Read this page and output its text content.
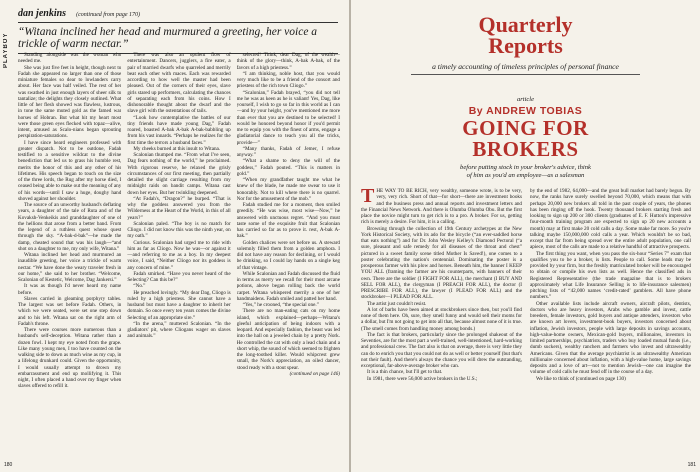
PLAYBOY
dan jenkins (continued from page 170)
“Witana inclined her head and murmured a greeting, her voice a trickle of warm nectar.”

Standing alongside was the woman who needed me.

She was just five feet in height, though next to Fadah she appeared no larger than one of those miniature females so dear to lowlanders carry about. Her face was half veiled. The rest of her was swathed in just enough layers of sheer silk to tantalize; the delights they closely outlined. What little of her flesh showed was flawless, lustrous, in tone the same muted gold as the famed war horses of Hobran. But what hit my heart most were those green eyes flecked with topaz—alive, intent, amused as Scalo-nians began sprouting perspiration-saturations.

I have since heard engineers professed with greater dispatch. Not to be outdone, Fadah testified to a sensitive wildcat to the divine benediction that led us to grass his humble rest, merits the honor of this and any other of his lifetimes. His speech began to touch on the size of the three lords, the Rug after my horse died, I ceased being able to make out the meaning of any of his words—until I saw a huge, doughy hand shoved against her shoulder.

The source of an unworthy husband's deflating years, a daughter of the tale of Ruta and of the Kovaksh-Venkeikis and granddaughter of one of the hellions that arose from a better band. From the legend of a ruthless quest whose quest through the sky. “A-bak-d-bak”—he made the damp, cheated sound that was his laugh—“and shot on a daughter to me, my only wife, Witana.”

Witana inclined her head and murmured an inaudible greeting, her voice a trickle of warm nectar. “We have done the weary traveler fresh in our home,” she said to her brother. “Welcome, Scalonian of Kestetic, Welcome, Dag Jankersi.”

It was as though I'd never heard my name before.

Slaves carried in gleaming porphyry tables. The largest was set before Fadah. Others, in which we were seated, were set one step down and to his left. Witana sat on the right arm of Fadah's throne.

There were courses more numerous than a husband's self-deception. Witana rather than a dozen fowl. I kept my eye noted from the grape. Like many young men, I too have counted on the walking side to down as much wine as my cup, in a lifelong drunkard could. Given the opportunity, I would usually attempt to drown my embarrassment and end up mollifying it. This night, I often placed a hand over my finger when slaves offered to refill it.

There was also an opulent flow of entertainment. Dancers, jugglers, a fire eater, a pair of married dwarfs who quarreled and merrily beat each other with maces. Each was rewarded according to how well the master had been pleased. Out of the corners of their eyes, slave girls stared up performers, calculating the chances of separating each from his coins. How I dishonorable thought about the dwarf and the slave girl with the ostentatious of tails.

“Look how contemplative the battles of our tiny friends have made young Dag,” Fadah roared, boasted A-bak A-bak A-bak-babbling up from his vast innards. “Perhaps he realizes for the first time the terrors a husband faces.”

My cheeks burned at this insult to Witana.

Scalonian thumped me. “From what I've seen, Dag fears nothing of the world,” he proclaimed. With rigorous reserve, he relaxed the grisly circumstances of our first meeting, then partially detailed the slight carriage resulting from my midnight raids on bandit camps. Witana cast down her eyes. But her twinkling deepened.

“At Fadah's, “Dragon?” he burped. “That is why the goddess answered you from the Wilderness at the Heart of the World, in this of all years?”

Scalonian paled. “The boy is no match for Cliogo. I did not know this was the ninth year, on my oath.”

Curious. Scalonian had urged me to ride with him as far as Cliogo. Now he was—or against it—and referring to me as a boy. In my deepest voice, I said, “Neither Cliogo nor its goddess is any concern of mine.”

Fadah smirked. “Have you never heard of the Selecting? Can this be?”

“No.”

He preached lovingly. “My dear Dag, Cliogo is ruled by a high priestess. She cannot have a husband but must have a daughter to inherit her domain. So once every ten years comes the divine Selecting of an appropriate sire.”

“In the arena,” muttered Scalonian. “In the gladiators' pit, where Cliogans wager on slaves and animals.”

selected! Think, dear Dag, of the wealth—think of the glory—think, A-bak A-bak, of the favors of a high priestess.”

“I am thinking, noble host, that you would very much like to be a friend of the consort and priestess of the rich town Cliogo.”

“Scalonian,” Fadah brayed, “you did not tell me he was as keen as he is valiant! Yes, Dag, like yourself, I wish to go so far in this world as I can—and by your height, you've mentioned me more than ever that you are destined to be selected! I would be honored beyond honor if you'd permit me to equip you with the finest of arms, engage a gladiatorial dance to teach you all the tricks, provide—”

“Many thanks, Fadah of Jemer, I refuse anyway.”

“What a shame to deny the will of the goddess,” Fadah pouted. “This is matters in gold.”

“When my grandfather taught me what he knew of the blade, he made me swear to use it honorably. Not to kill where there is no quarrel. Nor for the amusement of the mob.”

Fadah studied me for a moment, then smiled greedily. “He was wise, most wise—Now,” he answered with unctuous regret. “And you must taste some of the exquisite fruit that Scalonian has carried so far as to prove it. rest, A-bak A-bak.”

Golden chalices were set before us. A steward solemnly filled them from a golden amphora. I did not have any reason for declining, or I would be drinking, so I could lay hands on a single keg of that vintage.

While Scalonian and Fadah discussed the fluid in terms as merry we recall for their most arcane potions, above began rolling back the world carpet. Witana whispered merrily a one of her handmaidens. Fadah smiled and patted her hand.

“Yes,” he crooned, “the special one.”

There are no man-eating cats on my home island, which explained—perhaps—Witana's gleeful anticipation of being indoors with a leopard. And especially fashion, the beast was led into the hall on a jeweled chain by a pretty Nork. He controlled the cat with only a lead chain and a short whip, the sound of which seemed to frighten the long-toothed killer. Would whipcrest grew small, the Nork's appreciation, an oiled dancer, stood ready with a stout spear.

(continued on page 146)

180
Quarterly
Reports
a timely accounting of timeless principles of personal finance
article
By ANDREW TOBIAS
GOING FOR
BROKERS
before putting stock in your broker's advice, think
of him as you'd an employee—as a salesman

THE WAY TO BE RICH, very wealthy, someone wrote, is to be very, very, very rich. Short of that—for short—there are investment books and the business press and annual reports and investment letters and the Financial News Network. And there is Olumba Olumba Obu. But the first place the novice might turn to get rich is to a pro. A broker. For us, getting rich is merely a desire. For him, it is a calling.

Browsing through the collection of 19th Century archetypes at the New York Historical Society, with its ado for the bicycle (“an ever-saddled horse that eats nothing”) and for Dr. John Wesley Kelley's Diamond Pectoral (“a sure, pleasant and safe remedy for all diseases of the throat and chest” pictured in a sweet family scene titled Mother Is Saved!), one comes to a poster celebrating the nation's centennial. Dominating the poster is a prosperous farmer with his plow and horses. Beneath him, the banner I KEEP YOU ALL (framing the farmer are his counterparts, with banners of their own. There are the soldier (I FIGHT FOR ALL), the merchant (I BUY AND SELL FOR ALL), the clergyman (I PREACH FOR ALL), the doctor (I PRESCRIBE FOR ALL), the lawyer (I PLEAD FOR ALL) and the stockbroker—I PLEAD FOR ALL.

The artist just couldn't resist.

A lot of barbs have been aimed at stockbrokers since then, but you'll find none of them here. Oh, sure, they smell funny and would sell their moms for a dollar, but I'm not going to get into all that, because almost none of it is true. (The smell comes from handling money among bonds.)

The fact is that brokers, particularly since the prolonged shakeout of the Seventies, are for the most part a well-trained, well-intentioned, hard-working and professional crew. The fact also is that on average, there is very little they can do to enrich you that you could not do as well or better yourself (but that's not their fault). And there's always the chance you will drew the outstanding, exceptional, far-above-average broker who can.

It is a thin chance, but I'll get to that.

In 1981, there were 56,000 active brokers in the U.S.;

by the end of 1982, 64,000—and the great bull market had barely begun. By now, the ranks have surely swelled beyond 70,000, which means that with perhaps 20,000 new brokers all told in the past couple of years, the phones has been ringing off the hook. Twenty thousand brokers starting fresh and looking to sign up 200 or 300 clients (graduates of E. F. Hutton's impressive four-month training program are expected to sign up 20 new accounts a month) may at first make 20 cold calls a day. Some make far more. So you're talking maybe 150,000,000 cold calls a year. Which wouldn't be so bad, except that far from being spread over the entire adult population, one call apiece, most of the calls are made to a relative handful of attractive prospects.

The first thing you want, when you pass the six-hour “Series 7” exam that qualifies you to be a broker, is lists. People to call. Some leads may be provided by your firm, but the freshly matriculated broker will be encouraged to obtain or compile his own lists as well. Hence the classified ads in Registered Representative (the trade magazine that is to brokers approximately what Life Insurance Selling is to life-insurance salesmen) pitching lists of “42,000 names ‘credit-rated’ gamblers. All have phone numbers.”

Other available lists include aircraft owners, aircraft pilots, dentists, doctors who are heavy investors, Arabs who gamble and invest, cattle breeders, female investors, gold buyers and antique attenders, investors who are known art lovers, investment-book buyers, investors concerned about inflation, Jewish investors, people with large deposits in savings accounts, high-value-home owners, Mexican-gold buyers, millionaires, investors in limited partnerships, psychiatrists, traders who buy loaded mutual funds (i.e., dumb suckers), wealthy ranchers and farmers who invest and ultrawealthy Americans. Given that the average psychiatrist is an ultrawealthy American millionaire concerned about inflation, with a high-value home, large savings deposits and a love of art—not to mention Jewish—one can imagine the volume of cold calls he must fend off in the course of a day.

We like to think of (continued on page 130)

181
